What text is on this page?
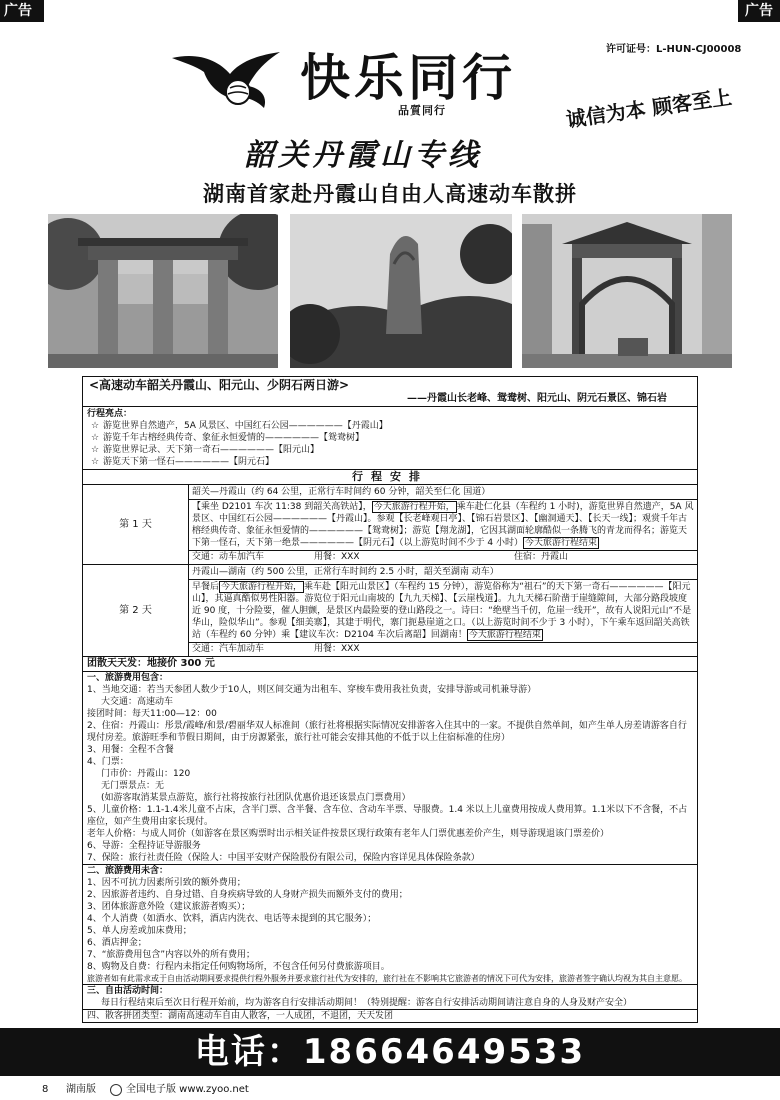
广告	广告
快乐同行
品質同行
许可证号：L-HUN-CJ00008
诚信为本 顾客至上
韶关丹霞山专线
湖南首家赴丹霞山自由人高速动车散拼
<高速动车韶关丹霞山、阳元山、少阴石两日游>
——丹霞山长老峰、鸳鸯树、阳元山、阴元石景区、锦石岩
行程亮点：
☆ 游览世界自然遗产，5A 风景区、中国红石公园——————【丹霞山】
☆ 游览千年古榕经典传奇、象征永恒爱情的——————【鸳鸯树】
☆ 游览世界记录、天下第一奇石——————【阳元山】
☆ 游览天下第一怪石——————【阴元石】
行程安排
第 1 天
韶关—丹霞山（约 64 公里，正常行车时间约 60 分钟，韶关至仁化 国道）
【乘坐 D2101 车次 11:38 到韶关高铁站】， 今天旅游行程开始， 乘车赴仁化县（车程约 1 小时)，游览世界自然遗产，5A 风景区、中国红石公园——————【丹霞山】。参观【长老峰观日亭】、【锦石岩景区】、【幽洞通天】、【长天一线】；观赏千年古榕经典传奇、象征永恒爱情的——————【鸳鸯树】；游览【翔龙湖】，它因其湖面轮廓酷似一条腾飞的青龙而得名；游览天下第一怪石，天下第一绝景——————【阴元石】（以上游览时间不少于 4 小时） 今天旅游行程结束
交通：动车加汽车	用餐：XXX	住宿：丹霞山
第 2 天
丹霞山—湖南（约 500 公里，正常行车时间约 2.5 小时，韶关至湖南 动车）
早餐后 今天旅游行程开始， 乘车赴【阳元山景区】（车程约 15 分钟），游览俗称为“祖石”的天下第一奇石——————【阳元山】，其逼真酷似男性阳器。游览位于阳元山南坡的【九九天梯】、【云崖栈道】。九九天梯石阶凿于崖缝隙间，大部分路段坡度近 90 度，十分险要，催人胆颤，是景区内最险要的登山路段之一。诗曰：“绝壁当千仞，危崖一线开”，故有人说阳元山“不是华山，险似华山”。参观【细美寨】，其建于明代，寨门扼悬崖道之口。（以上游览时间不少于 3 小时），下午乘车返回韶关高铁站（车程约 60 分钟）乘【建议车次：D2104 车次后离韶】回湖南！ 今天旅游行程结束
交通：汽车加动车	用餐：XXX
团散天天发：地接价 300 元
一、旅游费用包含：
1、当地交通：若当天参团人数少于10人，则区间交通为出租车、穿梭车费用我社负责，安排导游或司机兼导游）
大交通：高速动车
接团时间：每天11:00—12：00
2、住宿：丹霞山：彤景/霞峰/和景/碧丽华双人标准间（旅行社将根据实际情况安排游客入住其中的一家。不提供自然单间，如产生单人房差请游客自行现付房差。旅游旺季和节假日期间，由于房源紧张，旅行社可能会安排其他的不低于以上住宿标准的住房）
3、用餐：全程不含餐
4、门票：
门市价：丹霞山：120
无门票景点：无
(如游客取消某景点游览，旅行社将按旅行社团队优惠价退还该景点门票费用）
5、儿童价格：1.1-1.4米儿童不占床，含半门票、含半餐、含车位、含动车半票、导服费。1.4 米以上儿童费用按成人费用算。1.1米以下不含餐，不占座位，如产生费用由家长现付。
老年人价格：与成人同价（如游客在景区购票时出示相关证件按景区现行政策有老年人门票优惠差价产生，则导游现退该门票差价）
6、导游：全程持证导游服务
7、保险：旅行社责任险（保险人：中国平安财产保险股份有限公司，保险内容详见具体保险条款）
二、旅游费用未含：
1、因不可抗力因素所引致的额外费用；
2、因旅游者违约、自身过错、自身疾病导致的人身财产损失而额外支付的费用；
3、团体旅游意外险（建议旅游者购买）；
4、个人消费（如酒水、饮料，酒店内洗衣、电话等未提到的其它服务）；
5、单人房差或加床费用；
6、酒店押金；
7、“旅游费用包含”内容以外的所有费用；
8、购物及自费：行程内未指定任何购物场所，不包含任何另付费旅游项目。
旅游者如有此需求或于自由活动期间要求提供行程外服务并要求旅行社代为安排的，旅行社在不影响其它旅游者的情况下可代为安排，旅游者签字确认均视为其自主意愿。
三、自由活动时间：
每日行程结束后至次日行程开始前，均为游客自行安排活动期间！（特别提醒：游客自行安排活动期间请注意自身的人身及财产安全）
四、散客拼团类型：湖南高速动车自由人散客，一人成团，不退团，天天发团
电话：18664649533
8 湖南版	全国电子版 www.zyoo.net
